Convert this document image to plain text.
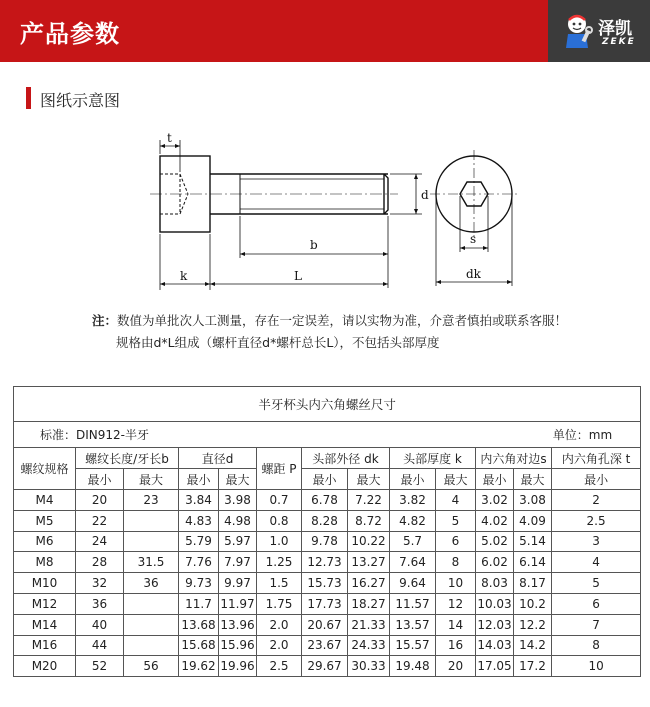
产品参数	泽凯
ZEKE
图纸示意图
t
d
b
k	L
s
dk
注：数值为单批次人工测量，存在一定误差，请以实物为准，介意者慎拍或联系客服！
规格由d*L组成（螺杆直径d*螺杆总长L），不包括头部厚度
半牙杯头内六角螺丝尺寸												
标准：DIN912-半牙							单位：mm					
螺纹规格	螺纹长度/牙长b		直径d		螺距 P	头部外径 dk		头部厚度 k		内六角对边s		内六角孔深 t
	最小	最大	最小	最大		最小	最大	最小	最大	最小	最大	最小
M4	20	23	3.84	3.98	0.7	6.78	7.22	3.82	4	3.02	3.08	2
M5	22		4.83	4.98	0.8	8.28	8.72	4.82	5	4.02	4.09	2.5
M6	24		5.79	5.97	1.0	9.78	10.22	5.7	6	5.02	5.14	3
M8	28	31.5	7.76	7.97	1.25	12.73	13.27	7.64	8	6.02	6.14	4
M10	32	36	9.73	9.97	1.5	15.73	16.27	9.64	10	8.03	8.17	5
M12	36		11.7	11.97	1.75	17.73	18.27	11.57	12	10.03	10.2	6
M14	40		13.68	13.96	2.0	20.67	21.33	13.57	14	12.03	12.2	7
M16	44		15.68	15.96	2.0	23.67	24.33	15.57	16	14.03	14.2	8
M20	52	56	19.62	19.96	2.5	29.67	30.33	19.48	20	17.05	17.2	10
